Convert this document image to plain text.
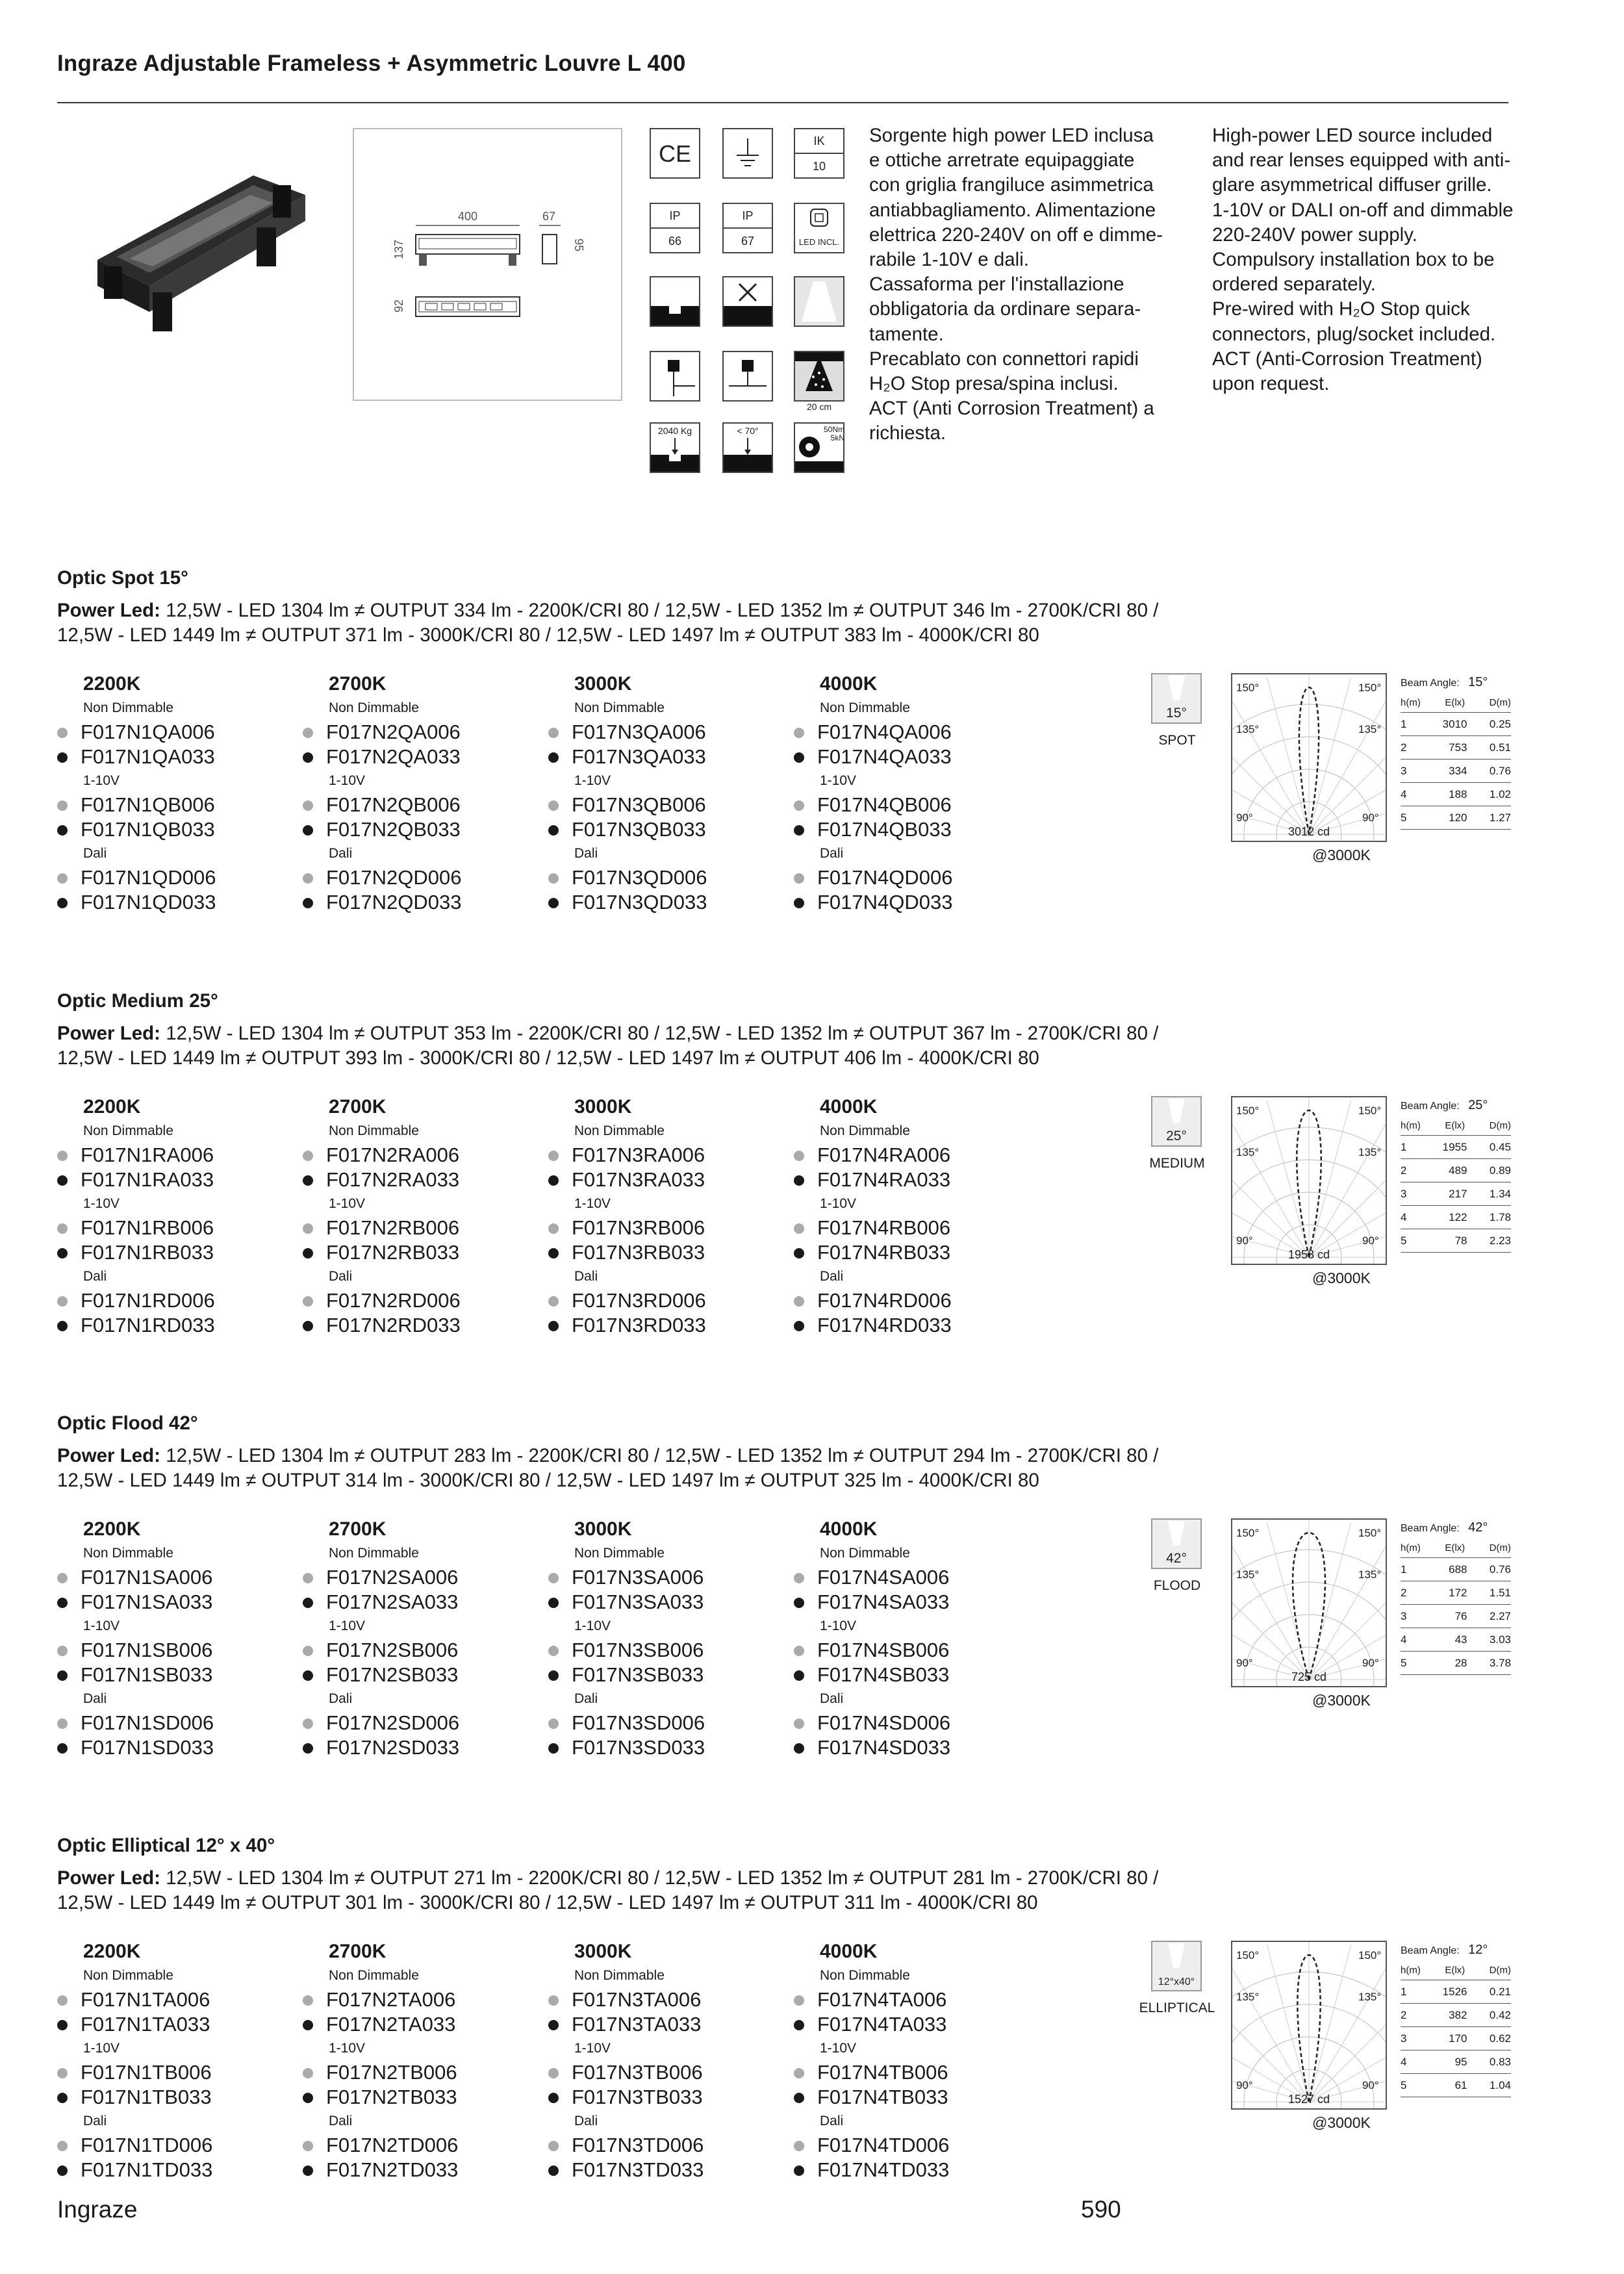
Ingraze Adjustable Frameless + Asymmetric Louvre L 400
400	67
137	95
92
CE	IK
10
IP
66
IP
67	LED INCL.
20 cm
2040 Kg	< 70°	50Nm 5kN

Sorgente high power LED inclusa

e ottiche arretrate equipaggiate

con griglia frangiluce asimmetrica

antiabbagliamento. Alimentazione

elettrica 220-240V on off e dimme-

rabile 1-10V e dali.

Cassaforma per l'installazione

obbligatoria da ordinare separa-

tamente.

Precablato con connettori rapidi

H₂O Stop presa/spina inclusi.

ACT (Anti Corrosion Treatment) a

richiesta.

High-power LED source included

and rear lenses equipped with anti-

glare asymmetrical diffuser grille.

1-10V or DALI on-off and dimmable

220-240V power supply.

Compulsory installation box to be

ordered separately.

Pre-wired with H₂O Stop quick

connectors, plug/socket included.

ACT (Anti-Corrosion Treatment)

upon request.

Optic Spot 15°
Power Led: 12,5W - LED 1304 lm ≠ OUTPUT 334 lm - 2200K/CRI 80 / 12,5W - LED 1352 lm ≠ OUTPUT 346 lm - 2700K/CRI 80 /
12,5W - LED 1449 lm ≠ OUTPUT 371 lm - 3000K/CRI 80 / 12,5W - LED 1497 lm ≠ OUTPUT 383 lm - 4000K/CRI 80
2200K
Non Dimmable
F017N1QA006
F017N1QA033
1-10V
F017N1QB006
F017N1QB033
Dali
F017N1QD006
F017N1QD033
2700K
Non Dimmable
F017N2QA006
F017N2QA033
1-10V
F017N2QB006
F017N2QB033
Dali
F017N2QD006
F017N2QD033
3000K
Non Dimmable
F017N3QA006
F017N3QA033
1-10V
F017N3QB006
F017N3QB033
Dali
F017N3QD006
F017N3QD033
4000K
Non Dimmable
F017N4QA006
F017N4QA033
1-10V
F017N4QB006
F017N4QB033
Dali
F017N4QD006
F017N4QD033
15°
SPOT
150°	150°
135°	135°
90°	90°
3012 cd
@3000K
Beam Angle: 15°
h(m)	E(lx)	D(m)
1	3010	0.25
2	753	0.51
3	334	0.76
4	188	1.02
5	120	1.27
Optic Medium 25°
Power Led: 12,5W - LED 1304 lm ≠ OUTPUT 353 lm - 2200K/CRI 80 / 12,5W - LED 1352 lm ≠ OUTPUT 367 lm - 2700K/CRI 80 /
12,5W - LED 1449 lm ≠ OUTPUT 393 lm - 3000K/CRI 80 / 12,5W - LED 1497 lm ≠ OUTPUT 406 lm - 4000K/CRI 80
2200K
Non Dimmable
F017N1RA006
F017N1RA033
1-10V
F017N1RB006
F017N1RB033
Dali
F017N1RD006
F017N1RD033
2700K
Non Dimmable
F017N2RA006
F017N2RA033
1-10V
F017N2RB006
F017N2RB033
Dali
F017N2RD006
F017N2RD033
3000K
Non Dimmable
F017N3RA006
F017N3RA033
1-10V
F017N3RB006
F017N3RB033
Dali
F017N3RD006
F017N3RD033
4000K
Non Dimmable
F017N4RA006
F017N4RA033
1-10V
F017N4RB006
F017N4RB033
Dali
F017N4RD006
F017N4RD033
25°
MEDIUM
150°	150°
135°	135°
90°	90°
1958 cd
@3000K
Beam Angle: 25°
h(m)	E(lx)	D(m)
1	1955	0.45
2	489	0.89
3	217	1.34
4	122	1.78
5	78	2.23
Optic Flood 42°
Power Led: 12,5W - LED 1304 lm ≠ OUTPUT 283 lm - 2200K/CRI 80 / 12,5W - LED 1352 lm ≠ OUTPUT 294 lm - 2700K/CRI 80 /
12,5W - LED 1449 lm ≠ OUTPUT 314 lm - 3000K/CRI 80 / 12,5W - LED 1497 lm ≠ OUTPUT 325 lm - 4000K/CRI 80
2200K
Non Dimmable
F017N1SA006
F017N1SA033
1-10V
F017N1SB006
F017N1SB033
Dali
F017N1SD006
F017N1SD033
2700K
Non Dimmable
F017N2SA006
F017N2SA033
1-10V
F017N2SB006
F017N2SB033
Dali
F017N2SD006
F017N2SD033
3000K
Non Dimmable
F017N3SA006
F017N3SA033
1-10V
F017N3SB006
F017N3SB033
Dali
F017N3SD006
F017N3SD033
4000K
Non Dimmable
F017N4SA006
F017N4SA033
1-10V
F017N4SB006
F017N4SB033
Dali
F017N4SD006
F017N4SD033
42°
FLOOD
150°	150°
135°	135°
90°	90°
725 cd
@3000K
Beam Angle: 42°
h(m)	E(lx)	D(m)
1	688	0.76
2	172	1.51
3	76	2.27
4	43	3.03
5	28	3.78
Optic Elliptical 12° x 40°
Power Led: 12,5W - LED 1304 lm ≠ OUTPUT 271 lm - 2200K/CRI 80 / 12,5W - LED 1352 lm ≠ OUTPUT 281 lm - 2700K/CRI 80 /
12,5W - LED 1449 lm ≠ OUTPUT 301 lm - 3000K/CRI 80 / 12,5W - LED 1497 lm ≠ OUTPUT 311 lm - 4000K/CRI 80
2200K
Non Dimmable
F017N1TA006
F017N1TA033
1-10V
F017N1TB006
F017N1TB033
Dali
F017N1TD006
F017N1TD033
2700K
Non Dimmable
F017N2TA006
F017N2TA033
1-10V
F017N2TB006
F017N2TB033
Dali
F017N2TD006
F017N2TD033
3000K
Non Dimmable
F017N3TA006
F017N3TA033
1-10V
F017N3TB006
F017N3TB033
Dali
F017N3TD006
F017N3TD033
4000K
Non Dimmable
F017N4TA006
F017N4TA033
1-10V
F017N4TB006
F017N4TB033
Dali
F017N4TD006
F017N4TD033
12°x40°
ELLIPTICAL
150°	150°
135°	135°
90°	90°
1527 cd
@3000K
Beam Angle: 12°
h(m)	E(lx)	D(m)
1	1526	0.21
2	382	0.42
3	170	0.62
4	95	0.83
5	61	1.04
Ingraze	590
